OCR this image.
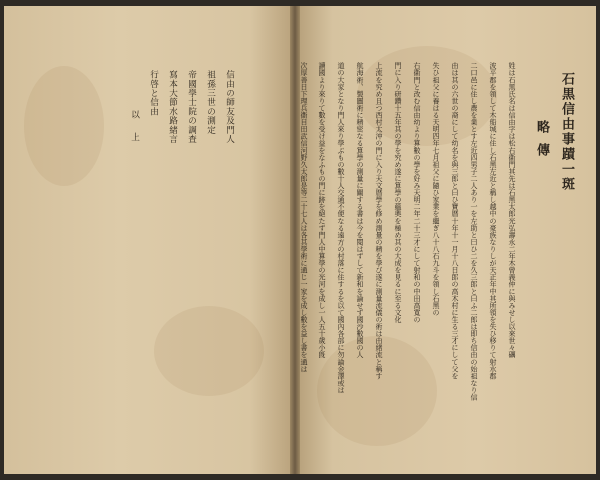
信由の師友及門人
祖孫三世の測定
帝國學士院の調査
寫本大節水路緒言
行啓と信由
以上	石黒信由事蹟一斑
略傳
姓は石黑氏名は信由字は松右衞門其先は石黑太郎光弘壽永二年木曾義仲に與みせし以來世々礪
波平郡を領して木船城に住し石黑左近と稱し越中の豪族なりしが天正年中其所領を失ひ移りて射水郡
二口邑に住し農を業とす左近四男子二人あり一を左助と曰ひ二を久三郎と曰ふ二郎は即ち信由の始祖なり信
由は其の六世の裔にして幼名を與三郎と曰ひ寶暦十年十一月十八日郎の高木村に生る三才にして父を
失ひ祖父に養はる天明四年七月祖父に隨ひ家業を繼ぎ八十八石九斗を領し石黑の
右衞門と改む信由幼より算數の學を好み天明二年二十三才にして射和の中田高寬の
門に入り研鑽十五年其の學を究め遂に算學の蘊奧を極め其の大成を見るに至る文化
上流を究め且つ西村太沖の門に入り天文暦學を修め測量の精を學び遂に測量流儀の術は由緒流と稱す
航海術、製圖術に精密なる算學の測量に關する書は今を閱はずして新和を論せず國沙數國の人
道の大家となり門人來り學ぶもの數十人交通不便なる遠方の村落に住するを以て國內各部に勿論金澤或は
讀國より來りて數を受け益をなふもの門に跡を絕たず門人中算學の光河を成し一人五十歲小旣
次厚善日下理兵衞目田武信河野久太郎是等二十七人は各其學術に通じ一家を成し數を益し書を通は
